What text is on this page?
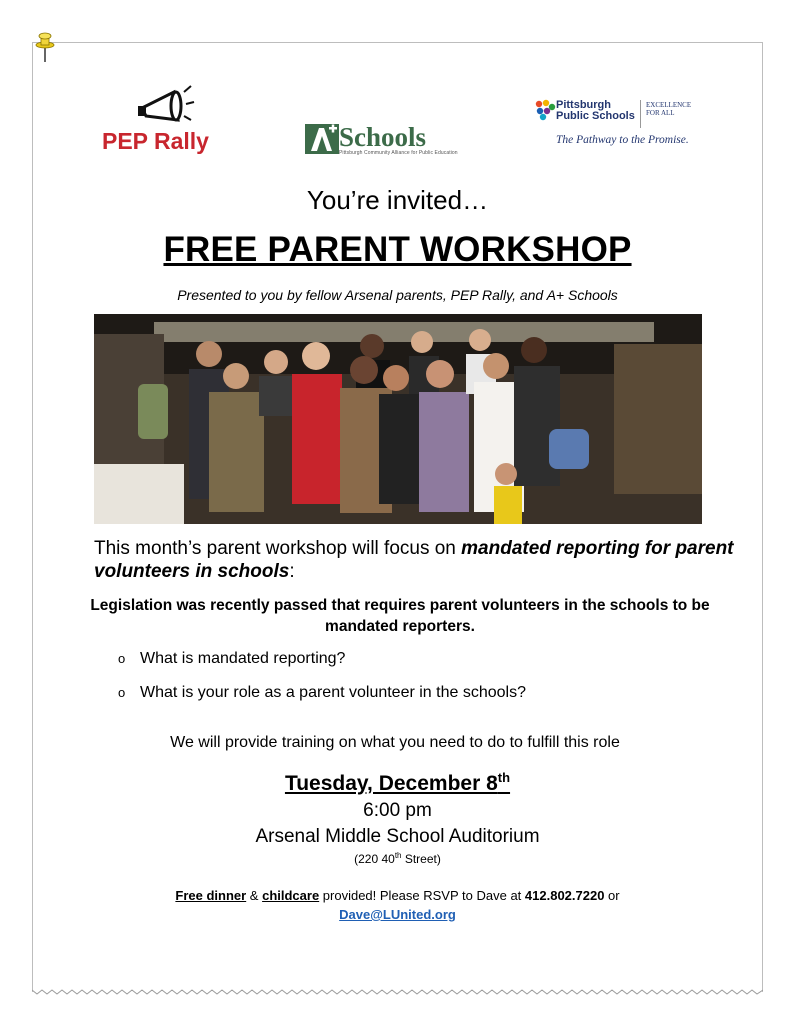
PEP Rally	Schools
Pittsburgh Community Alliance for Public Education
Pittsburgh
Public Schools
EXCELLENCE
FOR ALL
The Pathway to the Promise.
You’re invited…
FREE PARENT WORKSHOP
Presented to you by fellow Arsenal parents, PEP Rally, and A+ Schools
This month’s parent workshop will focus on mandated reporting for parent volunteers in schools:
Legislation was recently passed that requires parent volunteers in the schools to be mandated reporters.
o What is mandated reporting?
o What is your role as a parent volunteer in the schools?
We will provide training on what you need to do to fulfill this role
Tuesday, December 8th
6:00 pm
Arsenal Middle School Auditorium
(220 40th Street)
Free dinner & childcare provided! Please RSVP to Dave at 412.802.7220 or
Dave@LUnited.org
